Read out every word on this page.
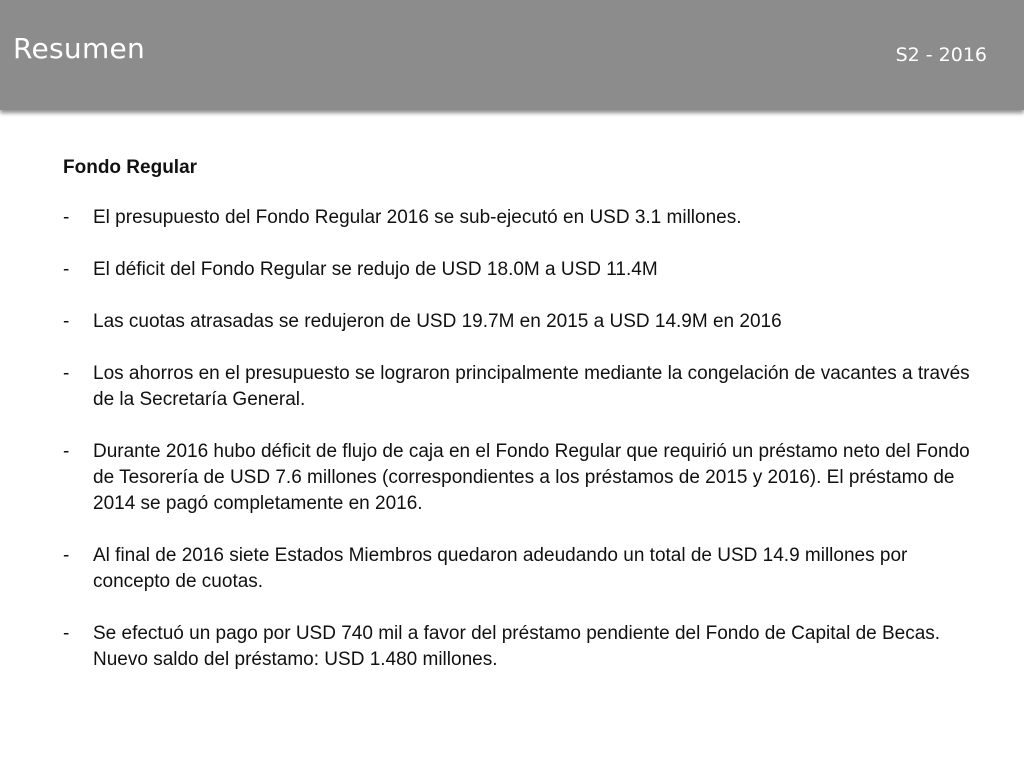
Resumen	S2 - 2016
Fondo Regular
- El presupuesto del Fondo Regular 2016 se sub-ejecutó en USD 3.1 millones.
- El déficit del Fondo Regular se redujo de USD 18.0M a USD 11.4M
- Las cuotas atrasadas se redujeron de USD 19.7M en 2015 a USD 14.9M en 2016
- Los ahorros en el presupuesto se lograron principalmente mediante la congelación de vacantes a través de la Secretaría General.
- Durante 2016 hubo déficit de flujo de caja en el Fondo Regular que requirió un préstamo neto del Fondo de Tesorería de USD 7.6 millones (correspondientes a los préstamos de 2015 y 2016). El préstamo de 2014 se pagó completamente en 2016.
- Al final de 2016 siete Estados Miembros quedaron adeudando un total de USD 14.9 millones por concepto de cuotas.
- Se efectuó un pago por USD 740 mil a favor del préstamo pendiente del Fondo de Capital de Becas. Nuevo saldo del préstamo: USD 1.480 millones.
